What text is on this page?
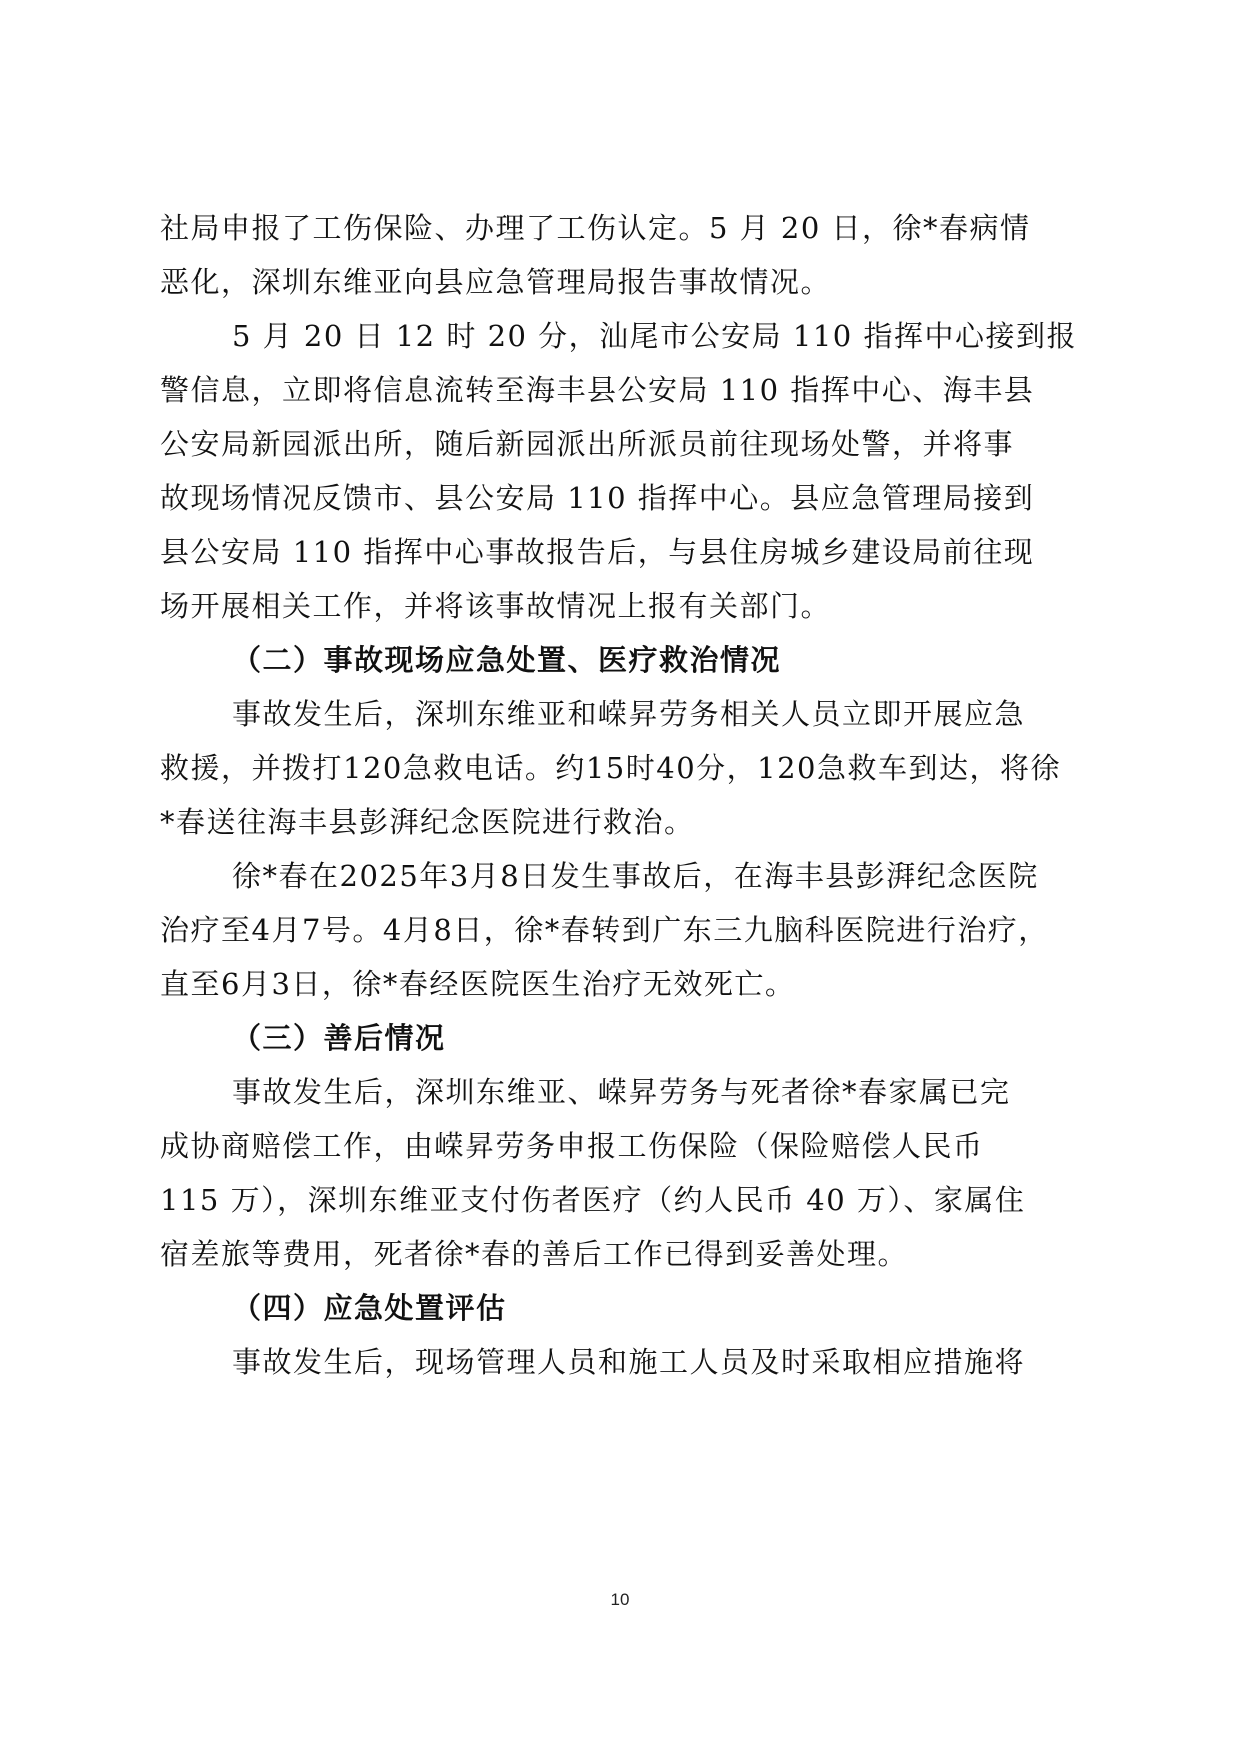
社局申报了工伤保险、办理了工伤认定。5 月 20 日，徐*春病情
恶化，深圳东维亚向县应急管理局报告事故情况。
5 月 20 日 12 时 20 分，汕尾市公安局 110 指挥中心接到报
警信息，立即将信息流转至海丰县公安局 110 指挥中心、海丰县
公安局新园派出所，随后新园派出所派员前往现场处警，并将事
故现场情况反馈市、县公安局 110 指挥中心。县应急管理局接到
县公安局 110 指挥中心事故报告后，与县住房城乡建设局前往现
场开展相关工作，并将该事故情况上报有关部门。
（二）事故现场应急处置、医疗救治情况
事故发生后，深圳东维亚和嵘昇劳务相关人员立即开展应急
救援，并拨打120急救电话。约15时40分，120急救车到达，将徐
*春送往海丰县彭湃纪念医院进行救治。
徐*春在2025年3月8日发生事故后，在海丰县彭湃纪念医院
治疗至4月7号。4月8日，徐*春转到广东三九脑科医院进行治疗，
直至6月3日，徐*春经医院医生治疗无效死亡。
（三）善后情况
事故发生后，深圳东维亚、嵘昇劳务与死者徐*春家属已完
成协商赔偿工作，由嵘昇劳务申报工伤保险（保险赔偿人民币
115 万），深圳东维亚支付伤者医疗（约人民币 40 万）、家属住
宿差旅等费用，死者徐*春的善后工作已得到妥善处理。
（四）应急处置评估
事故发生后，现场管理人员和施工人员及时采取相应措施将
10
